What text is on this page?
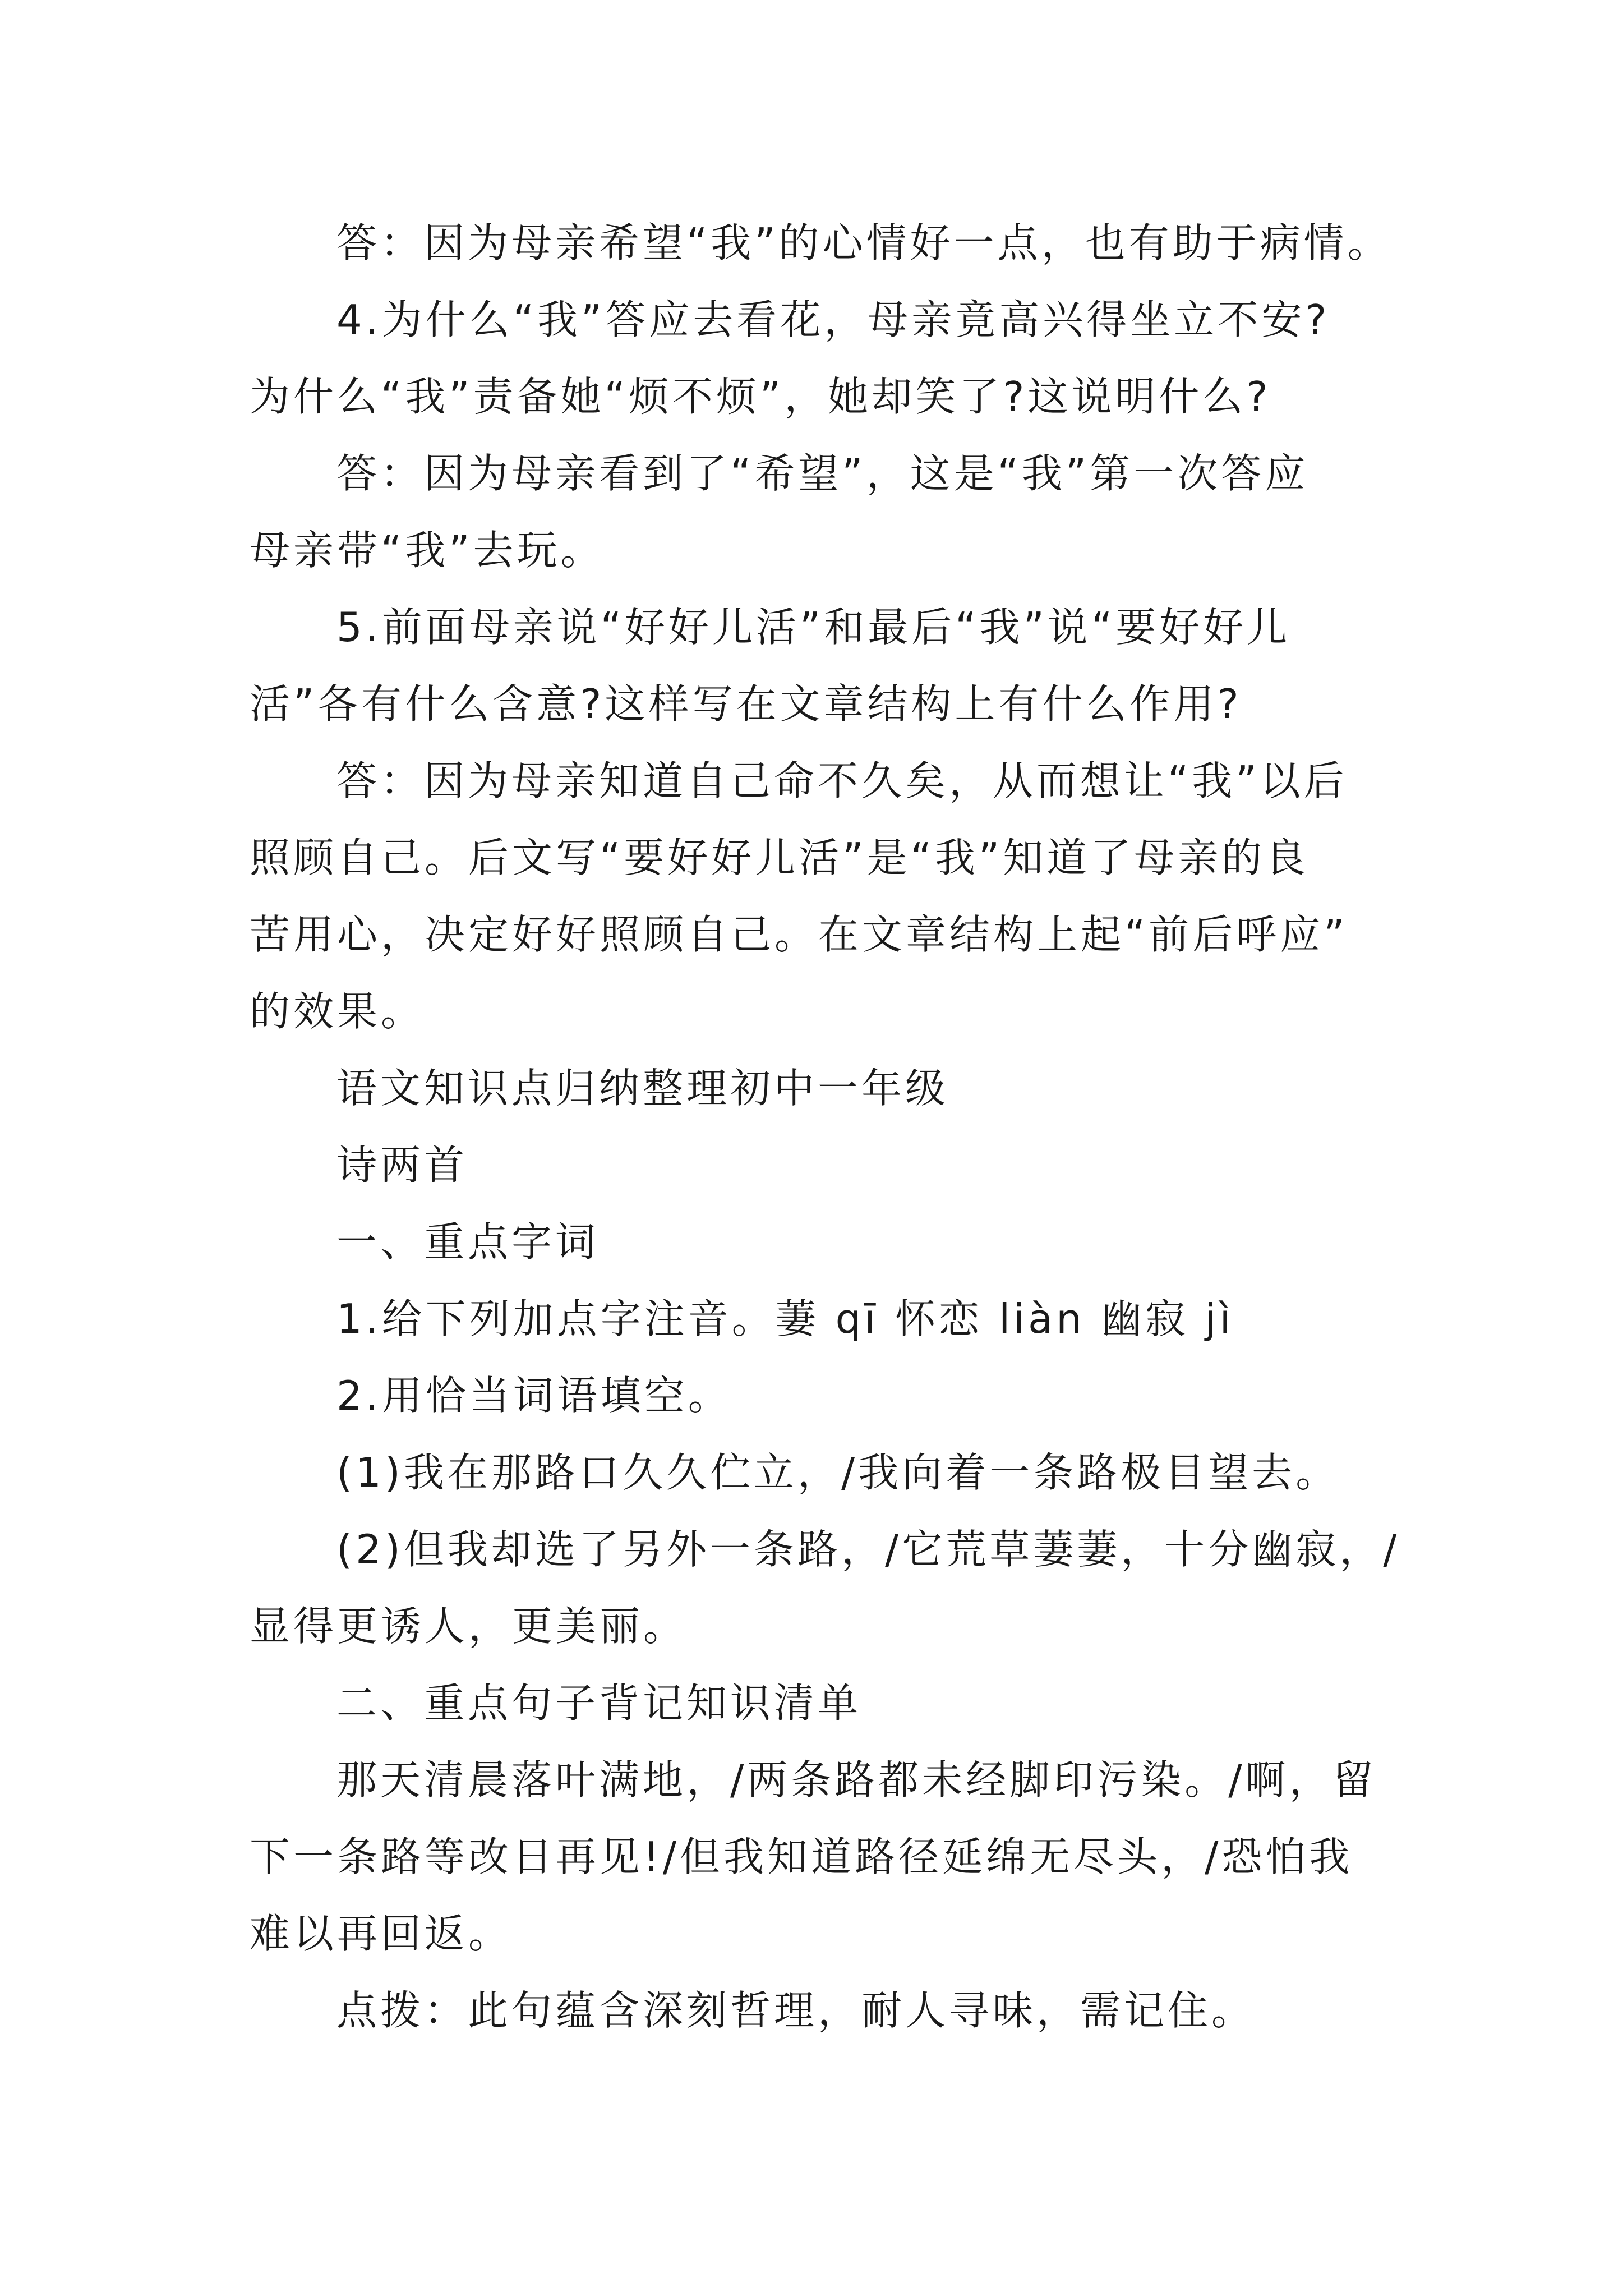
答：因为母亲希望“我”的心情好一点，也有助于病情。
4.为什么“我”答应去看花，母亲竟高兴得坐立不安?
为什么“我”责备她“烦不烦”，她却笑了?这说明什么?
答：因为母亲看到了“希望”，这是“我”第一次答应
母亲带“我”去玩。
5.前面母亲说“好好儿活”和最后“我”说“要好好儿
活”各有什么含意?这样写在文章结构上有什么作用?
答：因为母亲知道自己命不久矣，从而想让“我”以后
照顾自己。后文写“要好好儿活”是“我”知道了母亲的良
苦用心，决定好好照顾自己。在文章结构上起“前后呼应”
的效果。
语文知识点归纳整理初中一年级
诗两首
一、重点字词
1.给下列加点字注音。萋 qī 怀恋 liàn 幽寂 jì
2.用恰当词语填空。
(1)我在那路口久久伫立，/我向着一条路极目望去。
(2)但我却选了另外一条路，/它荒草萋萋，十分幽寂，/
显得更诱人，更美丽。
二、重点句子背记知识清单
那天清晨落叶满地，/两条路都未经脚印污染。/啊，留
下一条路等改日再见!/但我知道路径延绵无尽头，/恐怕我
难以再回返。
点拨：此句蕴含深刻哲理，耐人寻味，需记住。
